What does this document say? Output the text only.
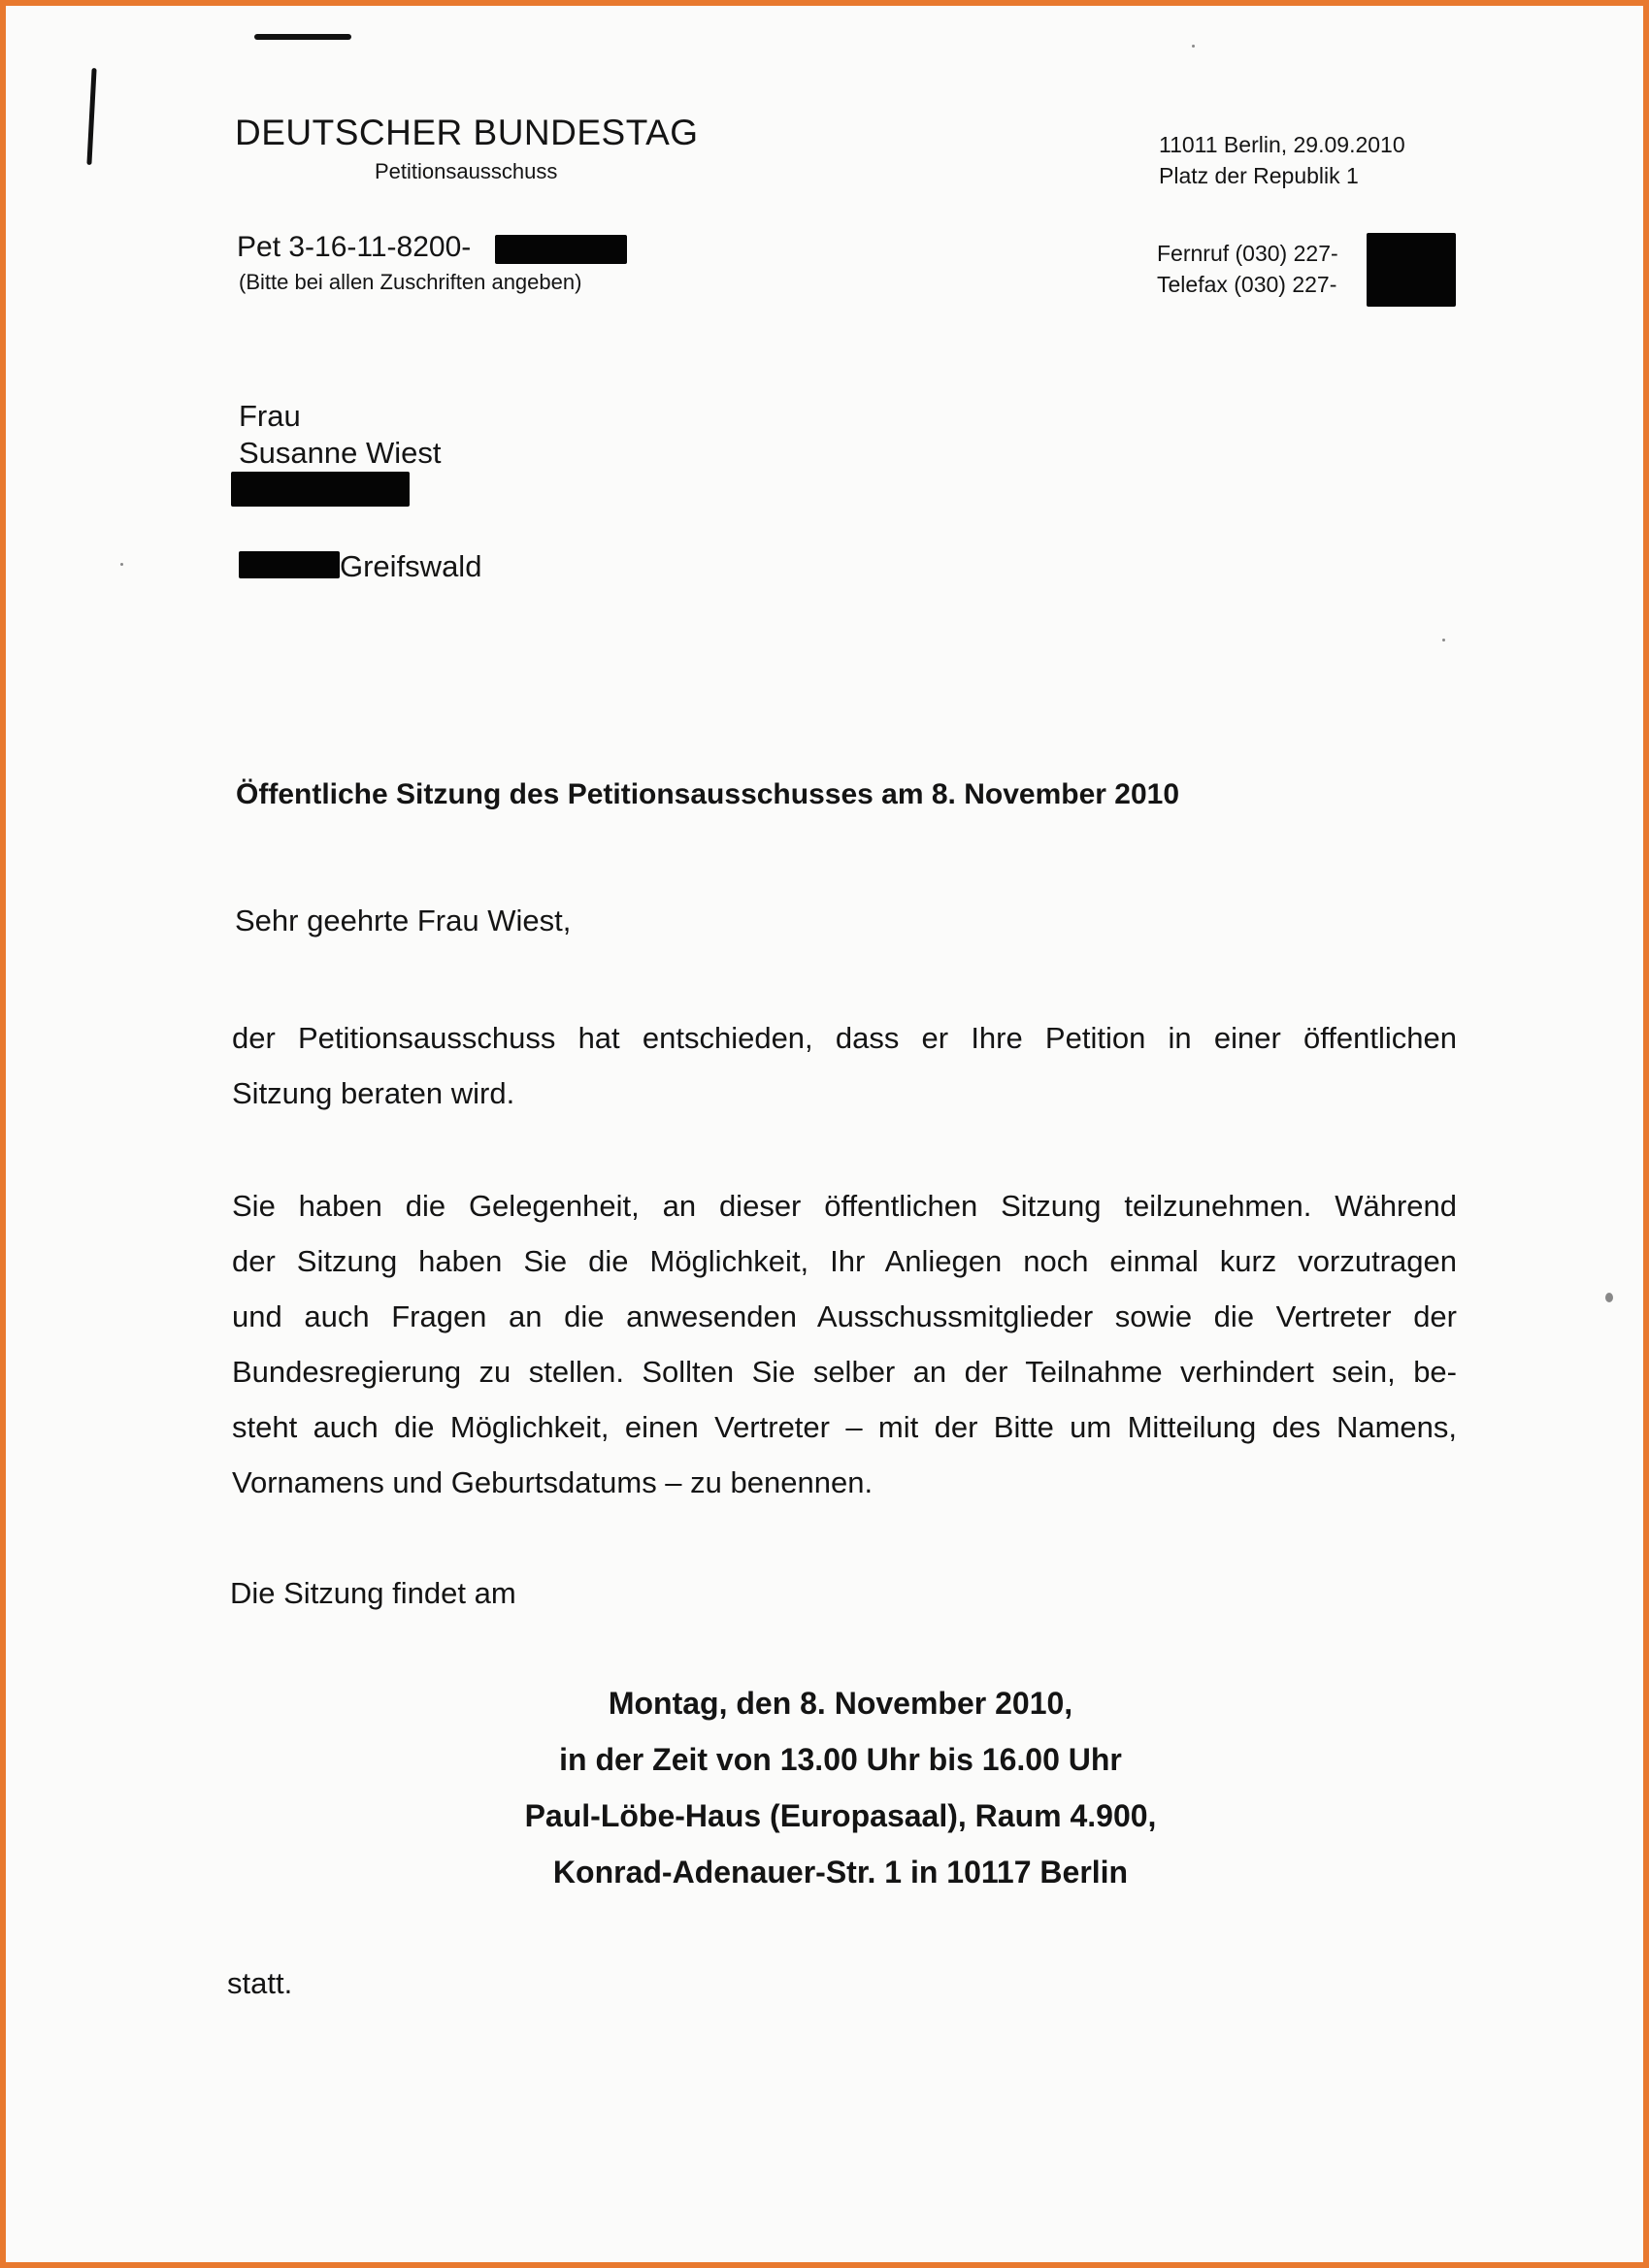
DEUTSCHER BUNDESTAG
Petitionsausschuss
Pet 3-16-11-8200-
(Bitte bei allen Zuschriften angeben)
11011 Berlin, 29.09.2010
Platz der Republik 1
Fernruf (030) 227-
Telefax (030) 227-
Frau
Susanne Wiest
Greifswald
Öffentliche Sitzung des Petitionsausschusses am 8. November 2010
Sehr geehrte Frau Wiest,
der Petitionsausschuss hat entschieden, dass er Ihre Petition in einer öffentlichen
Sitzung beraten wird.
Sie haben die Gelegenheit, an dieser öffentlichen Sitzung teilzunehmen. Während
der Sitzung haben Sie die Möglichkeit, Ihr Anliegen noch einmal kurz vorzutragen
und auch Fragen an die anwesenden Ausschussmitglieder sowie die Vertreter der
Bundesregierung zu stellen. Sollten Sie selber an der Teilnahme verhindert sein, be-
steht auch die Möglichkeit, einen Vertreter – mit der Bitte um Mitteilung des Namens,
Vornamens und Geburtsdatums – zu benennen.
Die Sitzung findet am
Montag, den 8. November 2010,
in der Zeit von 13.00 Uhr bis 16.00 Uhr
Paul-Löbe-Haus (Europasaal), Raum 4.900,
Konrad-Adenauer-Str. 1 in 10117 Berlin
statt.
